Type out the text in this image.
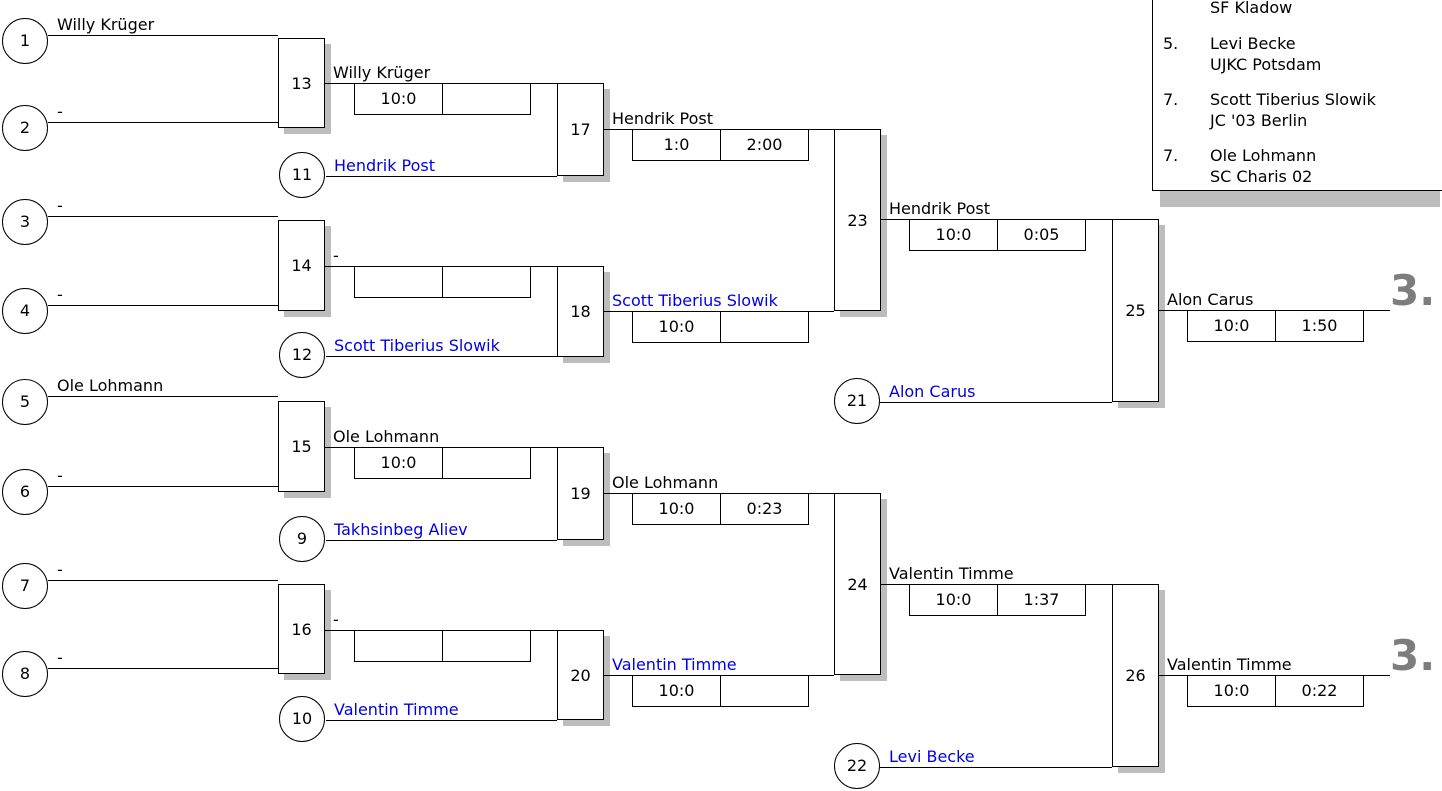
1
Willy Krüger
2
-
3
-
4
-
5
Ole Lohmann
6
-
7
-
8
-
9	Takhsinbeg Aliev
10	Valentin Timme
11	Hendrik Post
12	Scott Tiberius Slowik
21	Alon Carus
22	Levi Becke
13
Willy Krüger
10:0
14
-
15
Ole Lohmann
10:0
16	-
17
Hendrik Post
1:0	2:00
18
Scott Tiberius Slowik
10:0
19
Ole Lohmann
10:0	0:23
20
Valentin Timme
10:0
23
Hendrik Post
10:0	0:05
24
Valentin Timme
10:0	1:37
25
Alon Carus
10:0	1:50
26
Valentin Timme
10:0	0:22
3.
3.
SF Kladow
5. Levi Becke
UJKC Potsdam
7. Scott Tiberius Slowik
JC '03 Berlin
7. Ole Lohmann
SC Charis 02
